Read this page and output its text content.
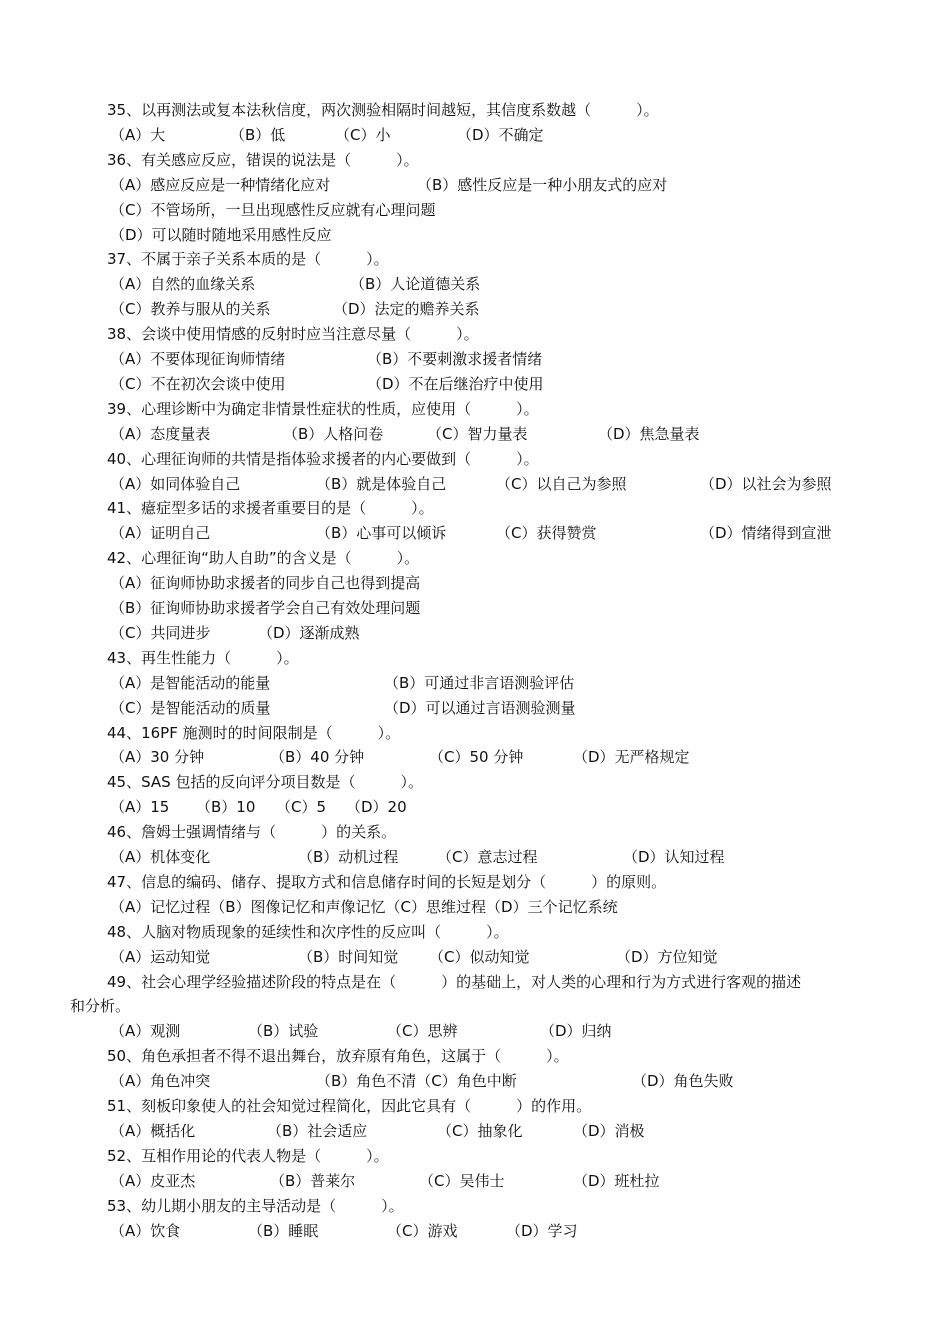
35、以再测法或复本法秋信度，两次测验相隔时间越短，其信度系数越（　　　）。
（A）大	（B）低	（C）小	（D）不确定
36、有关感应反应，错误的说法是（　　　）。
（A）感应反应是一种情绪化应对	（B）感性反应是一种小朋友式的应对
（C）不管场所，一旦出现感性反应就有心理问题
（D）可以随时随地采用感性反应
37、不属于亲子关系本质的是（　　　）。
（A）自然的血缘关系	（B）人论道德关系
（C）教养与服从的关系	（D）法定的赡养关系
38、会谈中使用情感的反射时应当注意尽量（　　　）。
（A）不要体现征询师情绪	（B）不要刺激求援者情绪
（C）不在初次会谈中使用	（D）不在后继治疗中使用
39、心理诊断中为确定非情景性症状的性质，应使用（　　　）。
（A）态度量表	（B）人格问卷	（C）智力量表	（D）焦急量表
40、心理征询师的共情是指体验求援者的内心要做到（　　　）。
（A）如同体验自己	（B）就是体验自己	（C）以自己为参照	（D）以社会为参照
41、癔症型多话的求援者重要目的是（　　　）。
（A）证明自己	（B）心事可以倾诉	（C）获得赞赏	（D）情绪得到宣泄
42、心理征询“助人自助”的含义是（　　　）。
（A）征询师协助求援者的同步自己也得到提高
（B）征询师协助求援者学会自己有效处理问题
（C）共同进步	（D）逐渐成熟
43、再生性能力（　　　）。
（A）是智能活动的能量	（B）可通过非言语测验评估
（C）是智能活动的质量	（D）可以通过言语测验测量
44、16PF 施测时的时间限制是（　　　）。
（A）30 分钟	（B）40 分钟	（C）50 分钟	（D）无严格规定
45、SAS 包括的反向评分项目数是（　　　）。
（A）15 （B）10 （C）5 （D）20
46、詹姆士强调情绪与（　　　）的关系。
（A）机体变化	（B）动机过程	（C）意志过程	（D）认知过程
47、信息的编码、储存、提取方式和信息储存时间的长短是划分（　　　）的原则。
（A）记忆过程（B）图像记忆和声像记忆（C）思维过程（D）三个记忆系统
48、人脑对物质现象的延续性和次序性的反应叫（　　　）。
（A）运动知觉	（B）时间知觉 （C）似动知觉	（D）方位知觉
49、社会心理学经验描述阶段的特点是在（　　　）的基础上，对人类的心理和行为方式进行客观的描述
和分析。
（A）观测	（B）试验	（C）思辨	（D）归纳
50、角色承担者不得不退出舞台，放弃原有角色，这属于（　　　）。
（A）角色冲突	（B）角色不清（C）角色中断	（D）角色失败
51、刻板印象使人的社会知觉过程简化，因此它具有（　　　）的作用。
（A）概括化	（B）社会适应	（C）抽象化	（D）消极
52、互相作用论的代表人物是（　　　）。
（A）皮亚杰	（B）普莱尔	（C）吴伟士	（D）班杜拉
53、幼儿期小朋友的主导活动是（　　　）。
（A）饮食	（B）睡眠	（C）游戏	（D）学习
